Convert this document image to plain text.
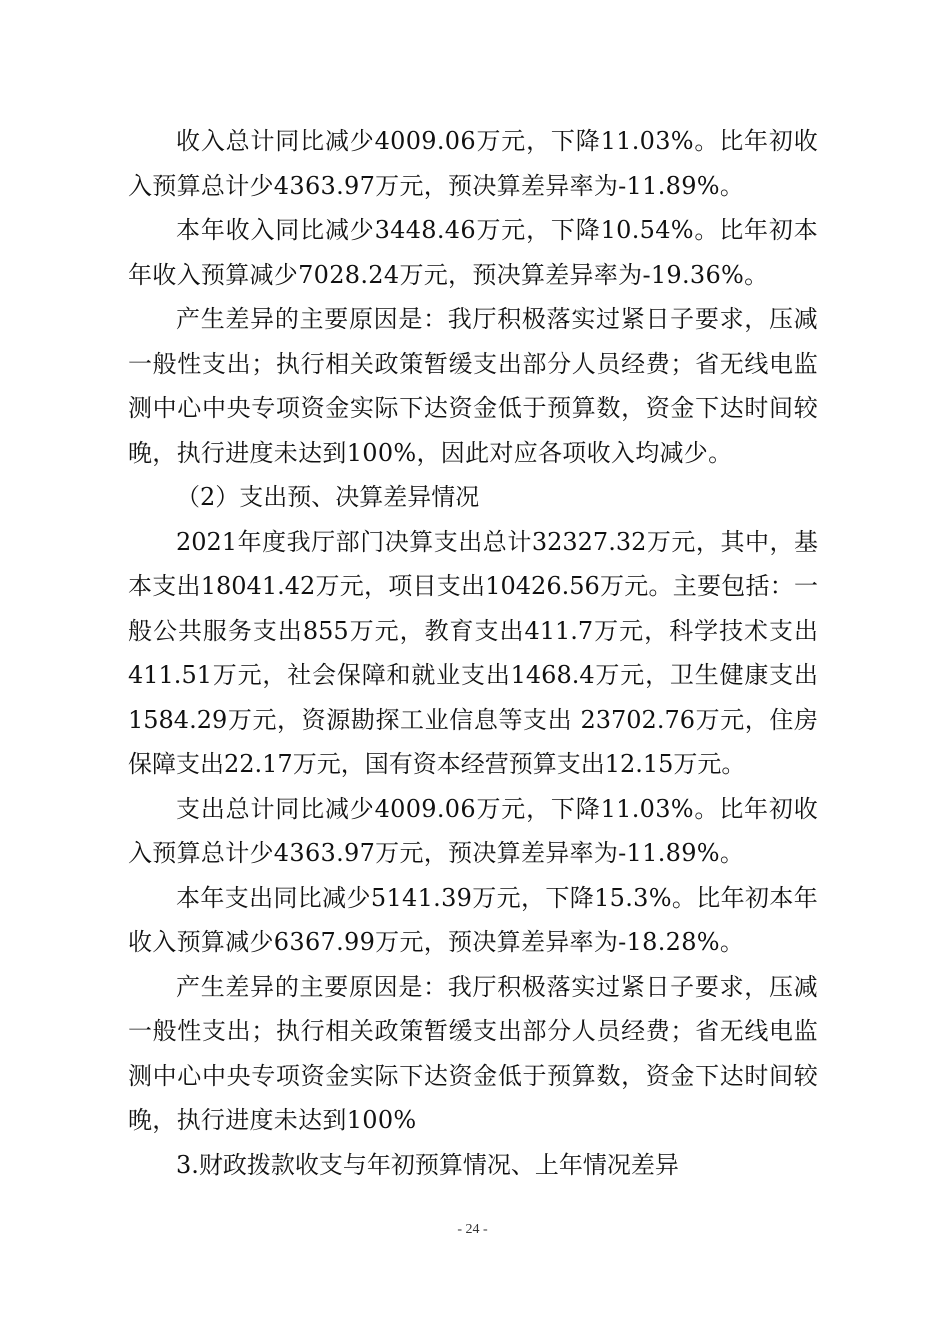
收入总计同比减少4009.06万元，下降11.03%。比年初收入预算总计少4363.97万元，预决算差异率为-11.89%。

本年收入同比减少3448.46万元，下降10.54%。比年初本年收入预算减少7028.24万元，预决算差异率为-19.36%。

产生差异的主要原因是：我厅积极落实过紧日子要求，压减一般性支出；执行相关政策暂缓支出部分人员经费；省无线电监测中心中央专项资金实际下达资金低于预算数，资金下达时间较晚，执行进度未达到100%，因此对应各项收入均减少。

（2）支出预、决算差异情况

2021年度我厅部门决算支出总计32327.32万元，其中，基本支出18041.42万元，项目支出10426.56万元。主要包括：一般公共服务支出855万元，教育支出411.7万元，科学技术支出411.51万元，社会保障和就业支出1468.4万元，卫生健康支出1584.29万元，资源勘探工业信息等支出 23702.76万元，住房保障支出22.17万元，国有资本经营预算支出12.15万元。

支出总计同比减少4009.06万元，下降11.03%。比年初收入预算总计少4363.97万元，预决算差异率为-11.89%。

本年支出同比减少5141.39万元，下降15.3%。比年初本年收入预算减少6367.99万元，预决算差异率为-18.28%。

产生差异的主要原因是：我厅积极落实过紧日子要求，压减一般性支出；执行相关政策暂缓支出部分人员经费；省无线电监测中心中央专项资金实际下达资金低于预算数，资金下达时间较晚，执行进度未达到100%

3.财政拨款收支与年初预算情况、上年情况差异

- 24 -
